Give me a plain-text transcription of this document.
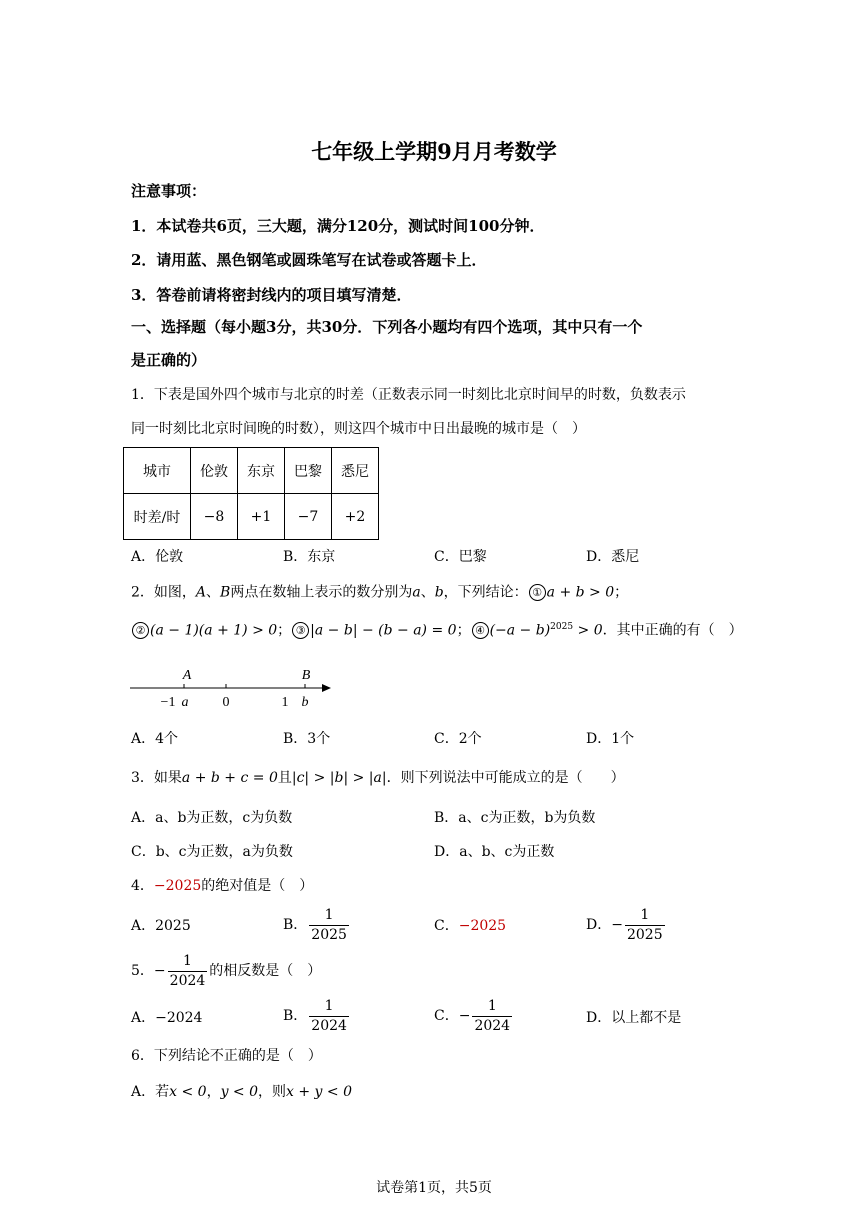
七年级上学期9月月考数学
注意事项：
1．本试卷共6页，三大题，满分120分，测试时间100分钟．
2．请用蓝、黑色钢笔或圆珠笔写在试卷或答题卡上．
3．答卷前请将密封线内的项目填写清楚．
一、选择题（每小题3分，共30分．下列各小题均有四个选项，其中只有一个
是正确的）
1．下表是国外四个城市与北京的时差（正数表示同一时刻比北京时间早的时数，负数表示
同一时刻比北京时间晚的时数），则这四个城市中日出最晚的城市是（　）
城市	伦敦	东京	巴黎	悉尼
时差/时	−8	+1	−7	+2
A．伦敦	B．东京	C．巴黎	D．悉尼
2．如图，A、B两点在数轴上表示的数分别为a、b，下列结论： ① a + b > 0；
② (a − 1)(a + 1) > 0； ③ |a − b| − (b − a) = 0； ④ $(-a - b)^{2025} > 0$．其中正确的有（　）
A	B
−1 a 0	1 b
A．4个	B．3个	C．2个	D．1个
3．如果a + b + c = 0且|c| > |b| > |a|．则下列说法中可能成立的是（　　）
A．a、b为正数，c为负数	B．a、c为正数，b为负数
C．b、c为正数，a为负数	D．a、b、c为正数
4．−2025的绝对值是（　）
A．2025	B． $\frac{1}{2025}$	C．−2025	D．− $\frac{1}{2025}$
5．− $\frac{1}{2024}$ 的相反数是（　）
A．−2024	B． $\frac{1}{2024}$	C．− $\frac{1}{2024}$	D．以上都不是
6．下列结论不正确的是（　）
A．若x < 0，y < 0，则x + y < 0
试卷第1页，共5页
